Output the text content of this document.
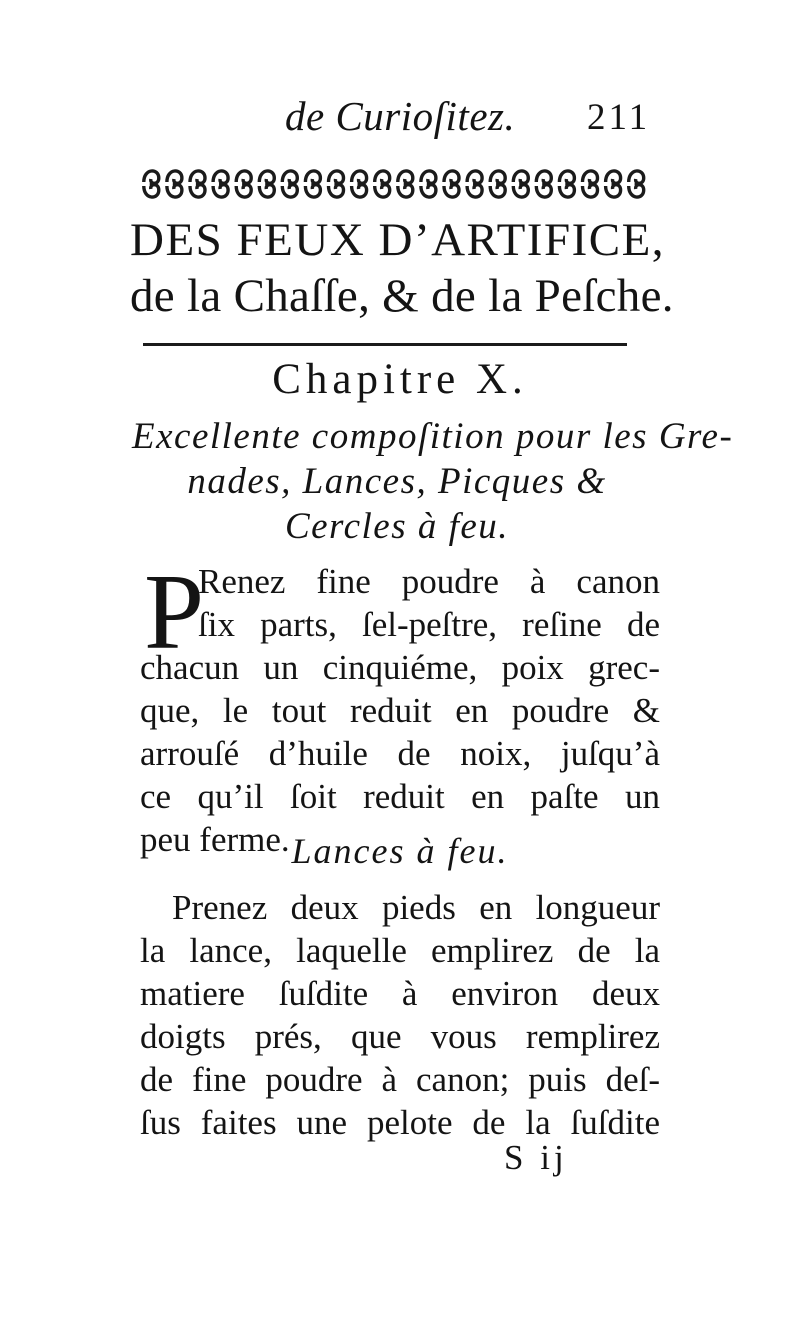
de Curioſitez. 211
DES FEUX D’ARTIFICE,
de la Chaſſe, & de la Peſche.
Chapitre X.
Excellente compoſition pour les Gre-
nades, Lances, Picques &
Cercles à feu.
P
Renez fine poudre à canon
ſix parts, ſel-peſtre, reſine de
chacun un cinquiéme, poix grec-
que, le tout reduit en poudre &
arrouſé d’huile de noix, juſqu’à
ce qu’il ſoit reduit en paſte un
peu ferme. Lances à feu.
Prenez deux pieds en longueur
la lance, laquelle emplirez de la
matiere ſuſdite à environ deux
doigts prés, que vous remplirez
de fine poudre à canon; puis deſ-
ſus faites une pelote de la ſuſdite
S ij
